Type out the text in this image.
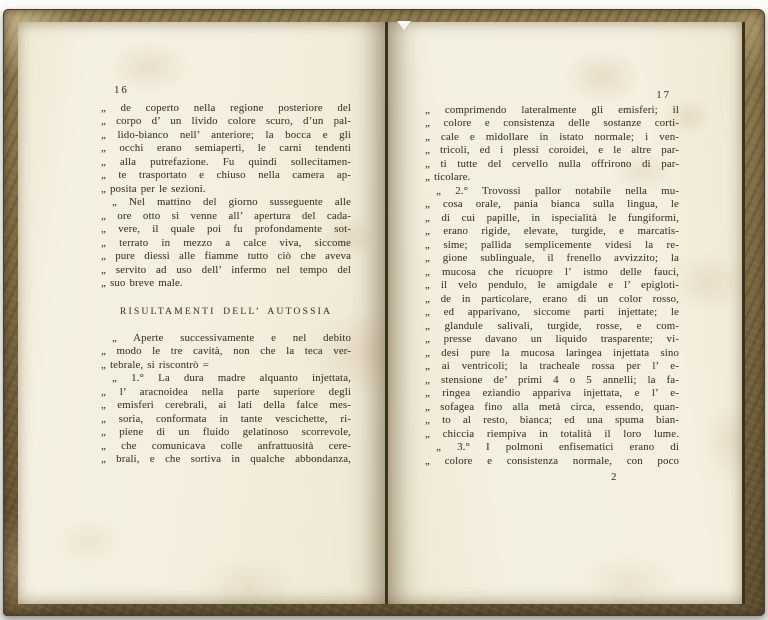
16
„ de coperto nella regione posteriore del
„ corpo d’ un livido colore scuro, d’un pal-
„ lido-bianco nell’ anteriore; la bocca e gli
„ occhi erano semiaperti, le carni tendenti
„ alla putrefazione. Fu quindi sollecitamen-
„ te trasportato e chiuso nella camera ap-
„ posita per le sezioni.
  „ Nel mattino del giorno susseguente alle
„ ore otto si venne all’ apertura del cada-
„ vere, il quale poi fu profondamente sot-
„ terrato in mezzo a calce viva, siccome
„ pure diessi alle fiamme tutto ciò che aveva
„ servito ad uso dell’ infermo nel tempo del
„ suo breve male.
RISULTAMENTI DELL’ AUTOSSIA
  „ Aperte successivamente e nel debito
„ modo le tre cavità, non che la teca ver-
„ tebrale, si riscontrò =
  „ 1.° La dura madre alquanto injettata,
„ l’ aracnoidea nella parte superiore degli
„ emisferi cerebrali, ai lati della falce mes-
„ soria, conformata in tante vescichette, ri-
„ piene di un fluido gelatinoso scorrevole,
„ che comunicava colle anfrattuosità cere-
„ brali, e che sortiva in qualche abbondanza,
17
„ comprimendo lateralmente gli emisferi; il
„ colore e consistenza delle sostanze corti-
„ cale e midollare in istato normale; i ven-
„ tricoli, ed i plessi coroidei, e le altre par-
„ ti tutte del cervello nulla offrirono di par-
„ ticolare.
  „ 2.° Trovossi pallor notabile nella mu-
„ cosa orale, pania bianca sulla lingua, le
„ di cui papille, in ispecialità le fungiformi,
„ erano rigide, elevate, turgide, e marcatis-
„ sime; pallida semplicemente videsi la re-
„ gione sublinguale, il frenello avvizzito; la
„ mucosa che ricuopre l’ istmo delle fauci,
„ il velo pendulo, le amigdale e l’ epigloti-
„ de in particolare, erano di un color rosso,
„ ed apparivano, siccome parti injettate; le
„ glandule salivali, turgide, rosse, e com-
„ presse davano un liquido trasparente; vi-
„ desi pure la mucosa laringea injettata sino
„ ai ventricoli; la tracheale rossa per l’ e-
„ stensione de’ primi 4 o 5 annelli; la fa-
„ ringea eziandio appariva injettata, e l’ e-
„ sofagea fino alla metà circa, essendo, quan-
„ to al resto, bianca; ed una spuma bian-
„ chiccia riempiva in totalità il loro lume.
  „ 3.° I polmoni enfisematici erano di
„ colore e consistenza normale, con poco
2
